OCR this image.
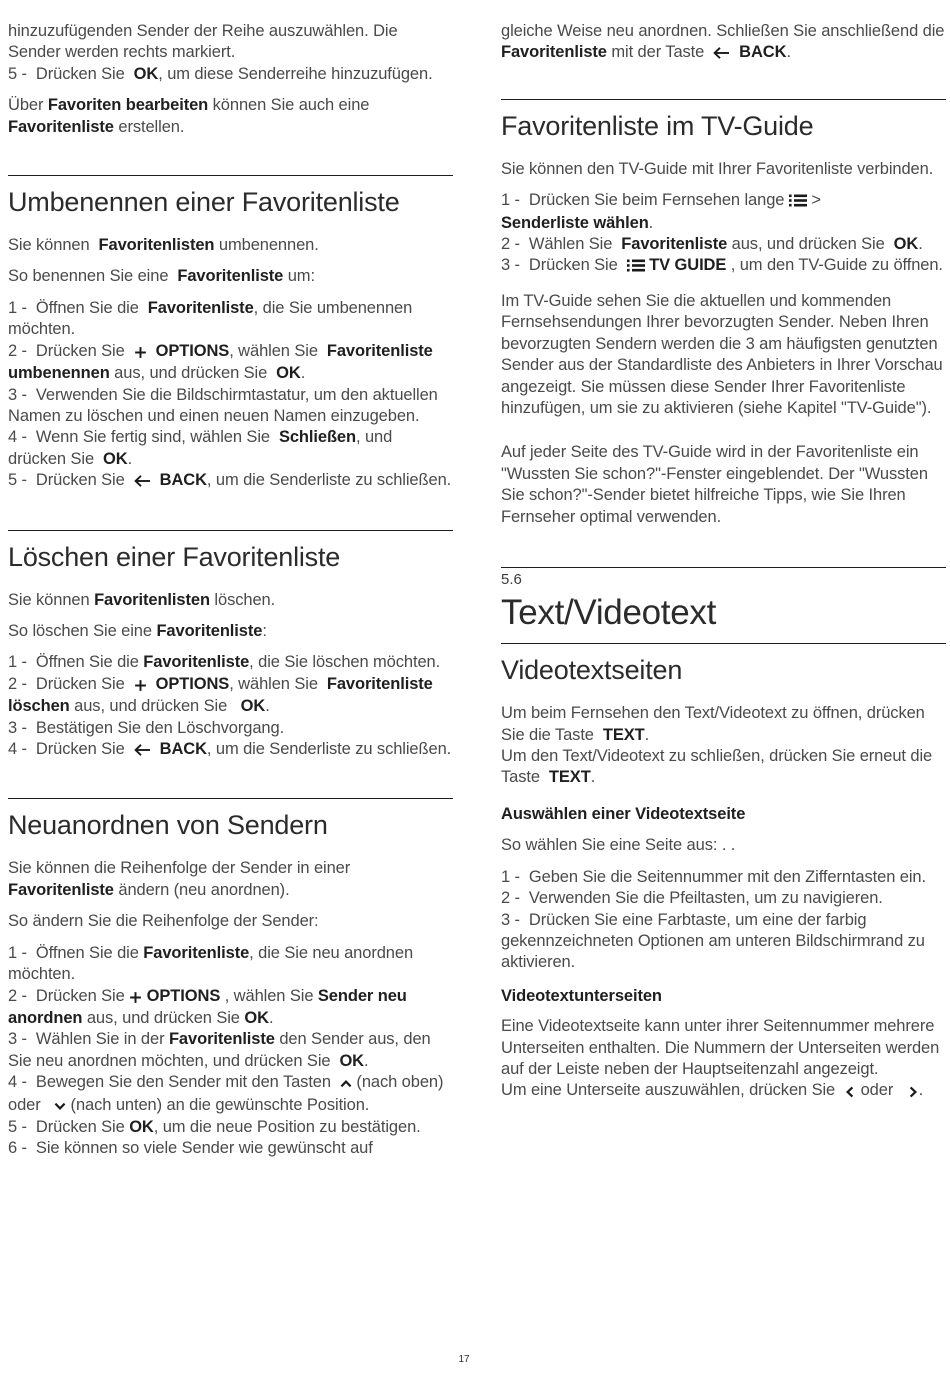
hinzuzufügenden Sender der Reihe auszuwählen. Die Sender werden rechts markiert.
5 -  Drücken Sie  OK, um diese Senderreihe hinzuzufügen.

Über Favoriten bearbeiten können Sie auch eine Favoritenliste erstellen.

Umbenennen einer Favoritenliste

Sie können  Favoritenlisten umbenennen.

So benennen Sie eine  Favoritenliste um:

1 -  Öffnen Sie die  Favoritenliste, die Sie umbenennen möchten.
2 -  Drücken Sie    OPTIONS, wählen Sie  Favoritenliste umbenennen aus, und drücken Sie  OK.
3 -  Verwenden Sie die Bildschirmtastatur, um den aktuellen Namen zu löschen und einen neuen Namen einzugeben.
4 -  Wenn Sie fertig sind, wählen Sie  Schließen, und drücken Sie  OK.
5 -  Drücken Sie    BACK, um die Senderliste zu schließen.

Löschen einer Favoritenliste

Sie können Favoritenlisten löschen.

So löschen Sie eine Favoritenliste:

1 -  Öffnen Sie die Favoritenliste, die Sie löschen möchten.
2 -  Drücken Sie    OPTIONS, wählen Sie  Favoritenliste löschen aus, und drücken Sie   OK.
3 -  Bestätigen Sie den Löschvorgang.
4 -  Drücken Sie    BACK, um die Senderliste zu schließen.

Neuanordnen von Sendern

Sie können die Reihenfolge der Sender in einer Favoritenliste ändern (neu anordnen).

So ändern Sie die Reihenfolge der Sender:

1 -  Öffnen Sie die Favoritenliste, die Sie neu anordnen möchten.
2 -  Drücken Sie  OPTIONS , wählen Sie Sender neu anordnen aus, und drücken Sie OK.
3 -  Wählen Sie in der Favoritenliste den Sender aus, den Sie neu anordnen möchten, und drücken Sie  OK.
4 -  Bewegen Sie den Sender mit den Tasten   (nach oben) oder    (nach unten) an die gewünschte Position.
5 -  Drücken Sie OK, um die neue Position zu bestätigen.
6 -  Sie können so viele Sender wie gewünscht auf

gleiche Weise neu anordnen. Schließen Sie anschließend die Favoritenliste mit der Taste    BACK.

Favoritenliste im TV-Guide

Sie können den TV-Guide mit Ihrer Favoritenliste verbinden.

1 -  Drücken Sie beim Fernsehen lange  >
Senderliste wählen.
2 -  Wählen Sie  Favoritenliste aus, und drücken Sie  OK.
3 -  Drücken Sie   TV GUIDE , um den TV-Guide zu öffnen.

Im TV-Guide sehen Sie die aktuellen und kommenden Fernsehsendungen Ihrer bevorzugten Sender. Neben Ihren bevorzugten Sendern werden die 3 am häufigsten genutzten Sender aus der Standardliste des Anbieters in Ihrer Vorschau angezeigt. Sie müssen diese Sender Ihrer Favoritenliste hinzufügen, um sie zu aktivieren (siehe Kapitel "TV-Guide").

Auf jeder Seite des TV-Guide wird in der Favoritenliste ein "Wussten Sie schon?"-Fenster eingeblendet. Der "Wussten Sie schon?"-Sender bietet hilfreiche Tipps, wie Sie Ihren Fernseher optimal verwenden.

5.6
Text/Videotext
Videotextseiten

Um beim Fernsehen den Text/Videotext zu öffnen, drücken Sie die Taste  TEXT.
Um den Text/Videotext zu schließen, drücken Sie erneut die Taste  TEXT.

Auswählen einer Videotextseite

So wählen Sie eine Seite aus: . .

1 -  Geben Sie die Seitennummer mit den Zifferntasten ein.
2 -  Verwenden Sie die Pfeiltasten, um zu navigieren.
3 -  Drücken Sie eine Farbtaste, um eine der farbig gekennzeichneten Optionen am unteren Bildschirmrand zu aktivieren.

Videotextunterseiten

Eine Videotextseite kann unter ihrer Seitennummer mehrere Unterseiten enthalten. Die Nummern der Unterseiten werden auf der Leiste neben der Hauptseitenzahl angezeigt.
Um eine Unterseite auszuwählen, drücken Sie   oder   .

17
